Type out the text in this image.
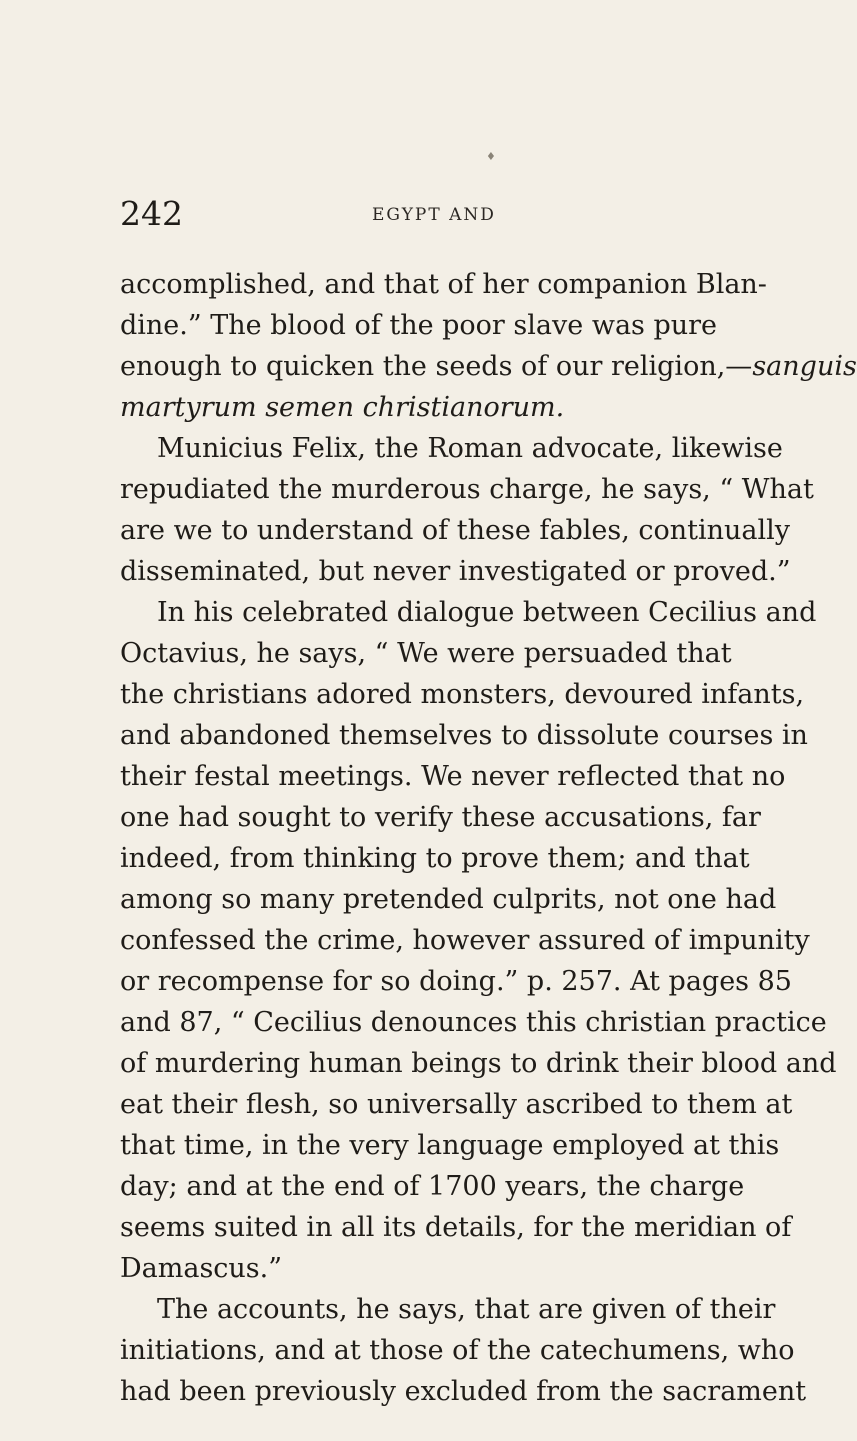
♦
242	EGYPT AND
accomplished, and that of her companion Blan-
dine.” The blood of the poor slave was pure
enough to quicken the seeds of our religion,—sanguis
martyrum semen christianorum.
Municius Felix, the Roman advocate, likewise
repudiated the murderous charge, he says, “ What
are we to understand of these fables, continually
disseminated, but never investigated or proved.”
In his celebrated dialogue between Cecilius and
Octavius, he says, “ We were persuaded that
the christians adored monsters, devoured infants,
and abandoned themselves to dissolute courses in
their festal meetings. We never reflected that no
one had sought to verify these accusations, far
indeed, from thinking to prove them; and that
among so many pretended culprits, not one had
confessed the crime, however assured of impunity
or recompense for so doing.” p. 257. At pages 85
and 87, “ Cecilius denounces this christian practice
of murdering human beings to drink their blood and
eat their flesh, so universally ascribed to them at
that time, in the very language employed at this
day; and at the end of 1700 years, the charge
seems suited in all its details, for the meridian of
Damascus.”
The accounts, he says, that are given of their
initiations, and at those of the catechumens, who
had been previously excluded from the sacrament
